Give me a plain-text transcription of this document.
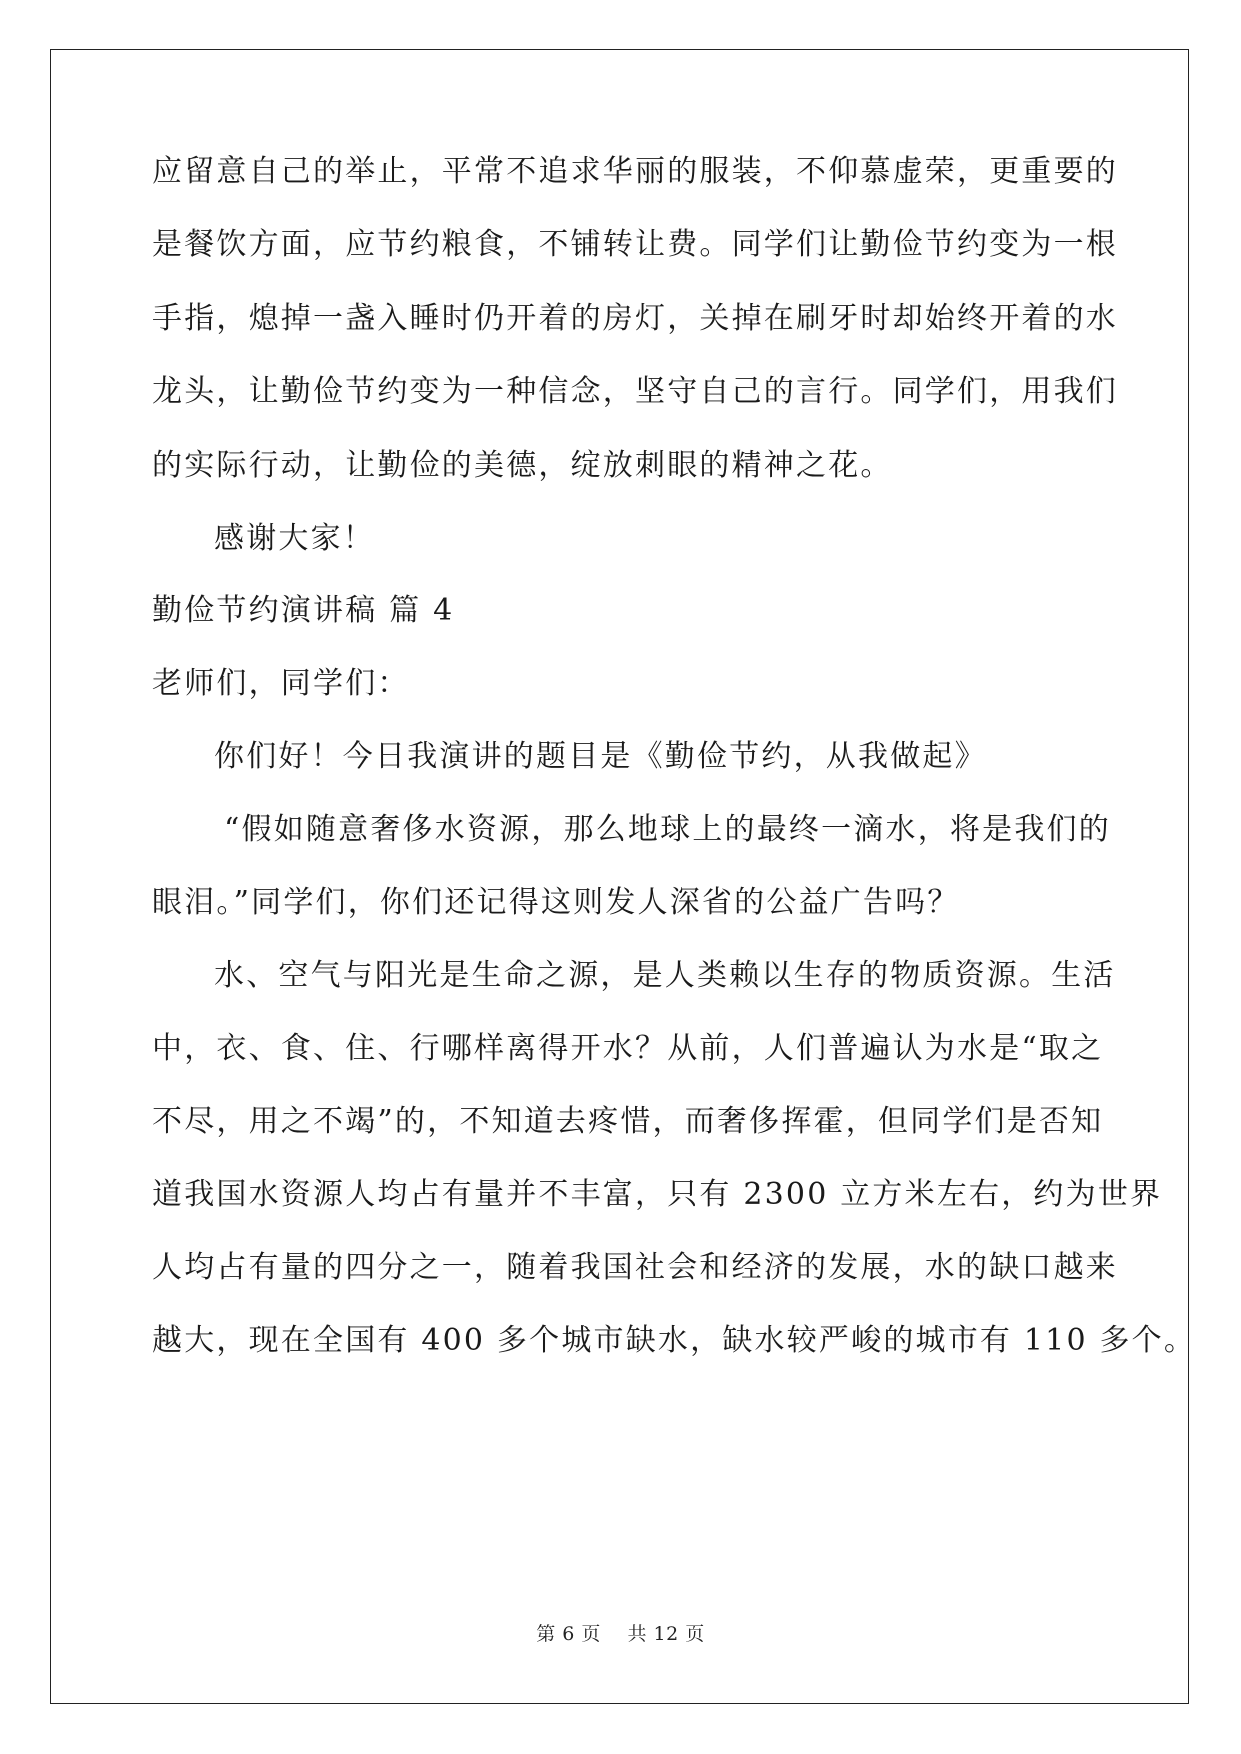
应留意自己的举止，平常不追求华丽的服装，不仰慕虚荣，更重要的
是餐饮方面，应节约粮食，不铺转让费。同学们让勤俭节约变为一根
手指，熄掉一盏入睡时仍开着的房灯，关掉在刷牙时却始终开着的水
龙头，让勤俭节约变为一种信念，坚守自己的言行。同学们，用我们
的实际行动，让勤俭的美德，绽放刺眼的精神之花。
感谢大家！
勤俭节约演讲稿 篇 4
老师们，同学们：
你们好！今日我演讲的题目是《勤俭节约，从我做起》
“假如随意奢侈水资源，那么地球上的最终一滴水，将是我们的
眼泪。”同学们，你们还记得这则发人深省的公益广告吗？
水、空气与阳光是生命之源，是人类赖以生存的物质资源。生活
中，衣、食、住、行哪样离得开水？从前，人们普遍认为水是“取之
不尽，用之不竭”的，不知道去疼惜，而奢侈挥霍，但同学们是否知
道我国水资源人均占有量并不丰富，只有 2300 立方米左右，约为世界
人均占有量的四分之一，随着我国社会和经济的发展，水的缺口越来
越大，现在全国有 400 多个城市缺水，缺水较严峻的城市有 110 多个。
第 6 页 共 12 页
